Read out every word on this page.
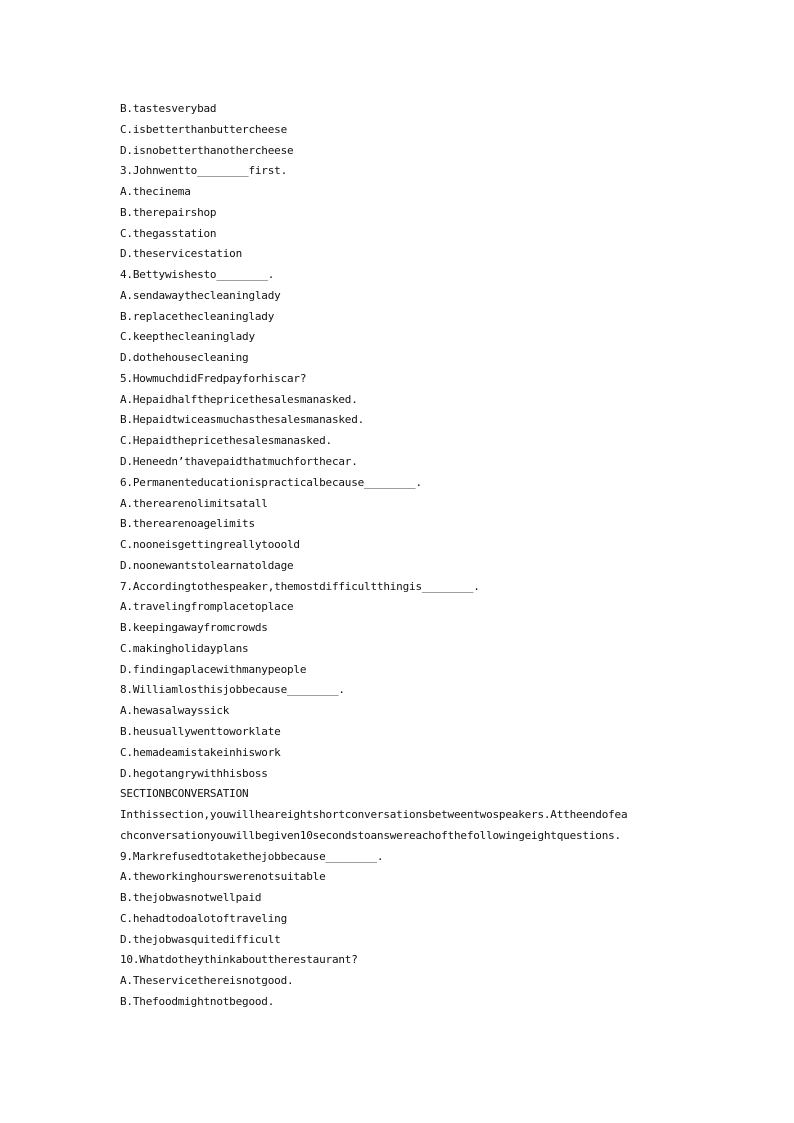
B.tastesverybad
C.isbetterthanbuttercheese
D.isnobetterthanothercheese
3.Johnwentto________first.
A.thecinema
B.therepairshop
C.thegasstation
D.theservicestation
4.Bettywishesto________.
A.sendawaythecleaninglady
B.replacethecleaninglady
C.keepthecleaninglady
D.dothehousecleaning
5.HowmuchdidFredpayforhiscar?
A.Hepaidhalfthepricethesalesmanasked.
B.Hepaidtwiceasmuchasthesalesmanasked.
C.Hepaidthepricethesalesmanasked.
D.Heneedn’thavepaidthatmuchforthecar.
6.Permanenteducationispracticalbecause________.
A.therearenolimitsatall
B.therearenoagelimits
C.nooneisgettingreallytooold
D.noonewantstolearnatoldage
7.Accordingtothespeaker,themostdifficultthingis________.
A.travelingfromplacetoplace
B.keepingawayfromcrowds
C.makingholidayplans
D.findingaplacewithmanypeople
8.Williamlosthisjobbecause________.
A.hewasalwayssick
B.heusuallywenttoworklate
C.hemadeamistakeinhiswork
D.hegotangrywithhisboss
SECTIONBCONVERSATION
Inthissection,youwillheareightshortconversationsbetweentwospeakers.Attheendofea
chconversationyouwillbegiven10secondstoanswereachofthefollowingeightquestions.
9.Markrefusedtotakethejobbecause________.
A.theworkinghourswerenotsuitable
B.thejobwasnotwellpaid
C.hehadtodoalotoftraveling
D.thejobwasquitedifficult
10.Whatdotheythinkabouttherestaurant?
A.Theservicethereisnotgood.
B.Thefoodmightnotbegood.
